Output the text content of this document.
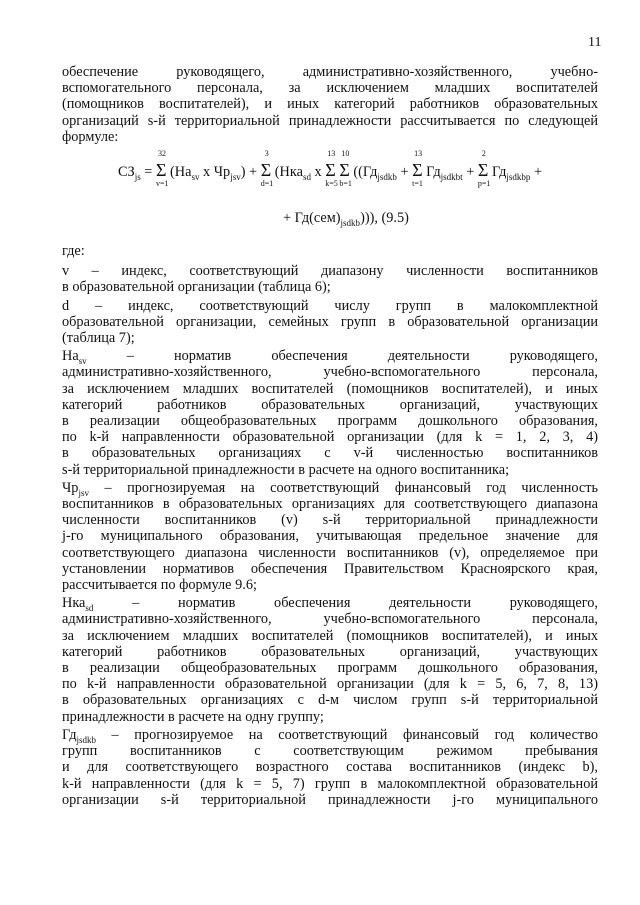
11
обеспечение руководящего, административно-хозяйственного, учебно-
вспомогательного персонала, за исключением младших воспитателей
(помощников воспитателей), и иных категорий работников образовательных
организаций s-й территориальной принадлежности рассчитывается по следующей
формуле:
$СЗ_{js}$ =
32
Σ
v=1
($На_{sv}$ х $Чр_{jsv}$) +
3
Σ
d=1
(Нка$_{sd}$ х
13
Σ
k=5

10
Σ
b=1
(($Гд_{jsdkb}$ +
13
Σ
t=1
$Гд_{jsdkbt}$ +
2
Σ
p=1
$Гд_{jsdkbp}$ +
+ $Гд(сем)_{jsdkb}$))), (9.5)
где:
v – индекс, соответствующий диапазону численности воспитанников
в образовательной организации (таблица 6);
d – индекс, соответствующий числу групп в малокомплектной
образовательной организации, семейных групп в образовательной организации
(таблица 7);
$На_{sv}$ – норматив обеспечения деятельности руководящего,
административно-хозяйственного, учебно-вспомогательного персонала,
за исключением младших воспитателей (помощников воспитателей), и иных
категорий работников образовательных организаций, участвующих
в реализации общеобразовательных программ дошкольного образования,
по k-й направленности образовательной организации (для k = 1, 2, 3, 4)
в образовательных организациях с v-й численностью воспитанников
s-й территориальной принадлежности в расчете на одного воспитанника;
$Чр_{jsv}$ – прогнозируемая на соответствующий финансовый год численность
воспитанников в образовательных организациях для соответствующего диапазона
численности воспитанников (v) s-й территориальной принадлежности
j-го муниципального образования, учитывающая предельное значение для
соответствующего диапазона численности воспитанников (v), определяемое при
установлении нормативов обеспечения Правительством Красноярского края,
рассчитывается по формуле 9.6;
Нка$_{sd}$ – норматив обеспечения деятельности руководящего,
административно-хозяйственного, учебно-вспомогательного персонала,
за исключением младших воспитателей (помощников воспитателей), и иных
категорий работников образовательных организаций, участвующих
в реализации общеобразовательных программ дошкольного образования,
по k-й направленности образовательной организации (для k = 5, 6, 7, 8, 13)
в образовательных организациях с d-м числом групп s-й территориальной
принадлежности в расчете на одну группу;
$Гд_{jsdkb}$ – прогнозируемое на соответствующий финансовый год количество
групп воспитанников с соответствующим режимом пребывания
и для соответствующего возрастного состава воспитанников (индекс b),
k-й направленности (для k = 5, 7) групп в малокомплектной образовательной
организации s-й территориальной принадлежности j-го муниципального
